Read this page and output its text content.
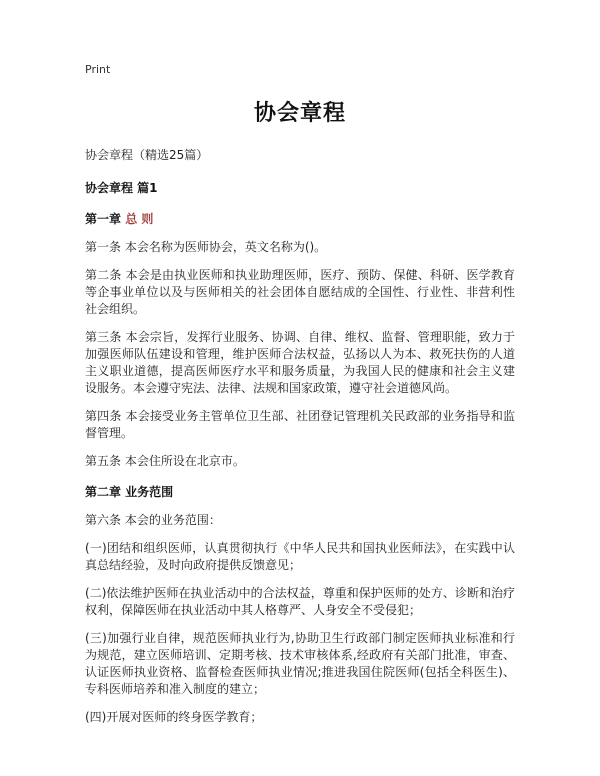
Print
协会章程
协会章程（精选25篇）
协会章程 篇1
第一章 总 则
第一条 本会名称为医师协会，英文名称为()。
第二条 本会是由执业医师和执业助理医师，医疗、预防、保健、科研、医学教育等企事业单位以及与医师相关的社会团体自愿结成的全国性、行业性、非营利性社会组织。
第三条 本会宗旨，发挥行业服务、协调、自律、维权、监督、管理职能，致力于加强医师队伍建设和管理，维护医师合法权益，弘扬以人为本、救死扶伤的人道主义职业道德，提高医师医疗水平和服务质量，为我国人民的健康和社会主义建设服务。本会遵守宪法、法律、法规和国家政策，遵守社会道德风尚。
第四条 本会接受业务主管单位卫生部、社团登记管理机关民政部的业务指导和监督管理。
第五条 本会住所设在北京市。
第二章 业务范围
第六条 本会的业务范围：
(一)团结和组织医师，认真贯彻执行《中华人民共和国执业医师法》，在实践中认真总结经验，及时向政府提供反馈意见；
(二)依法维护医师在执业活动中的合法权益，尊重和保护医师的处方、诊断和治疗权利，保障医师在执业活动中其人格尊严、人身安全不受侵犯；
(三)加强行业自律，规范医师执业行为,协助卫生行政部门制定医师执业标准和行为规范，建立医师培训、定期考核、技术审核体系,经政府有关部门批准，审查、认证医师执业资格、监督检查医师执业情况;推进我国住院医师(包括全科医生)、专科医师培养和准入制度的建立；
(四)开展对医师的终身医学教育；
